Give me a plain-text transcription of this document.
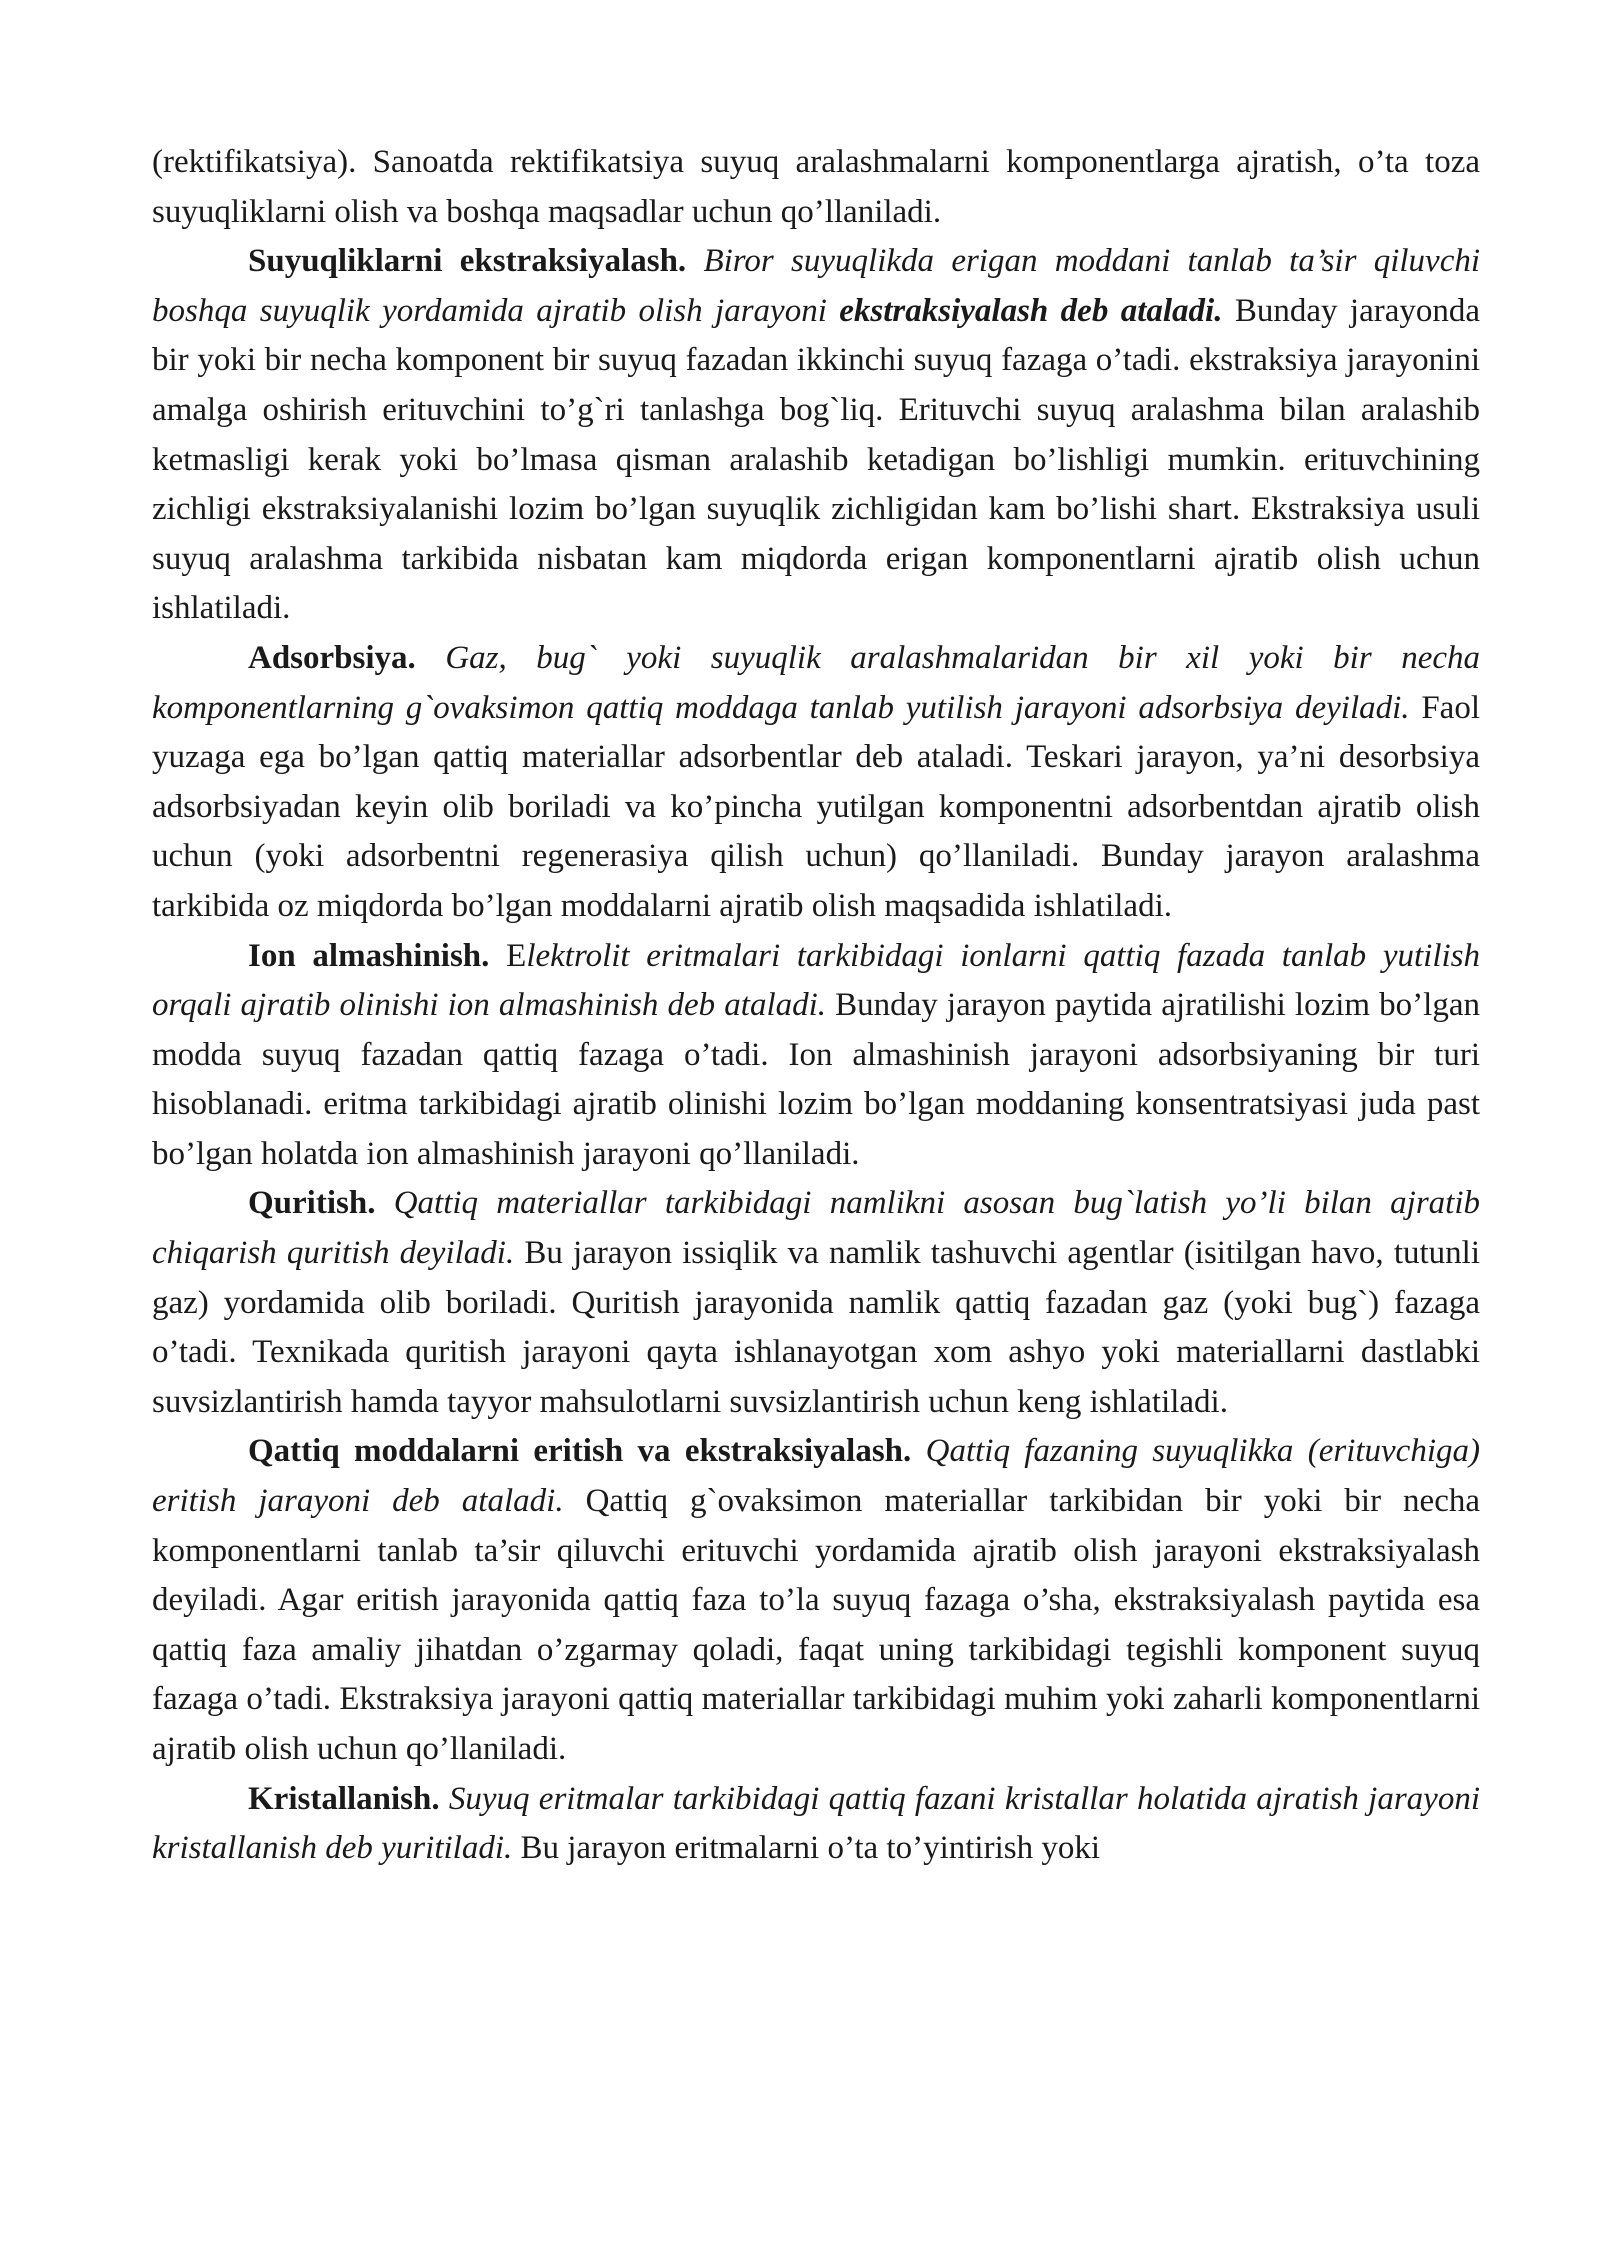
(rektifikatsiya). Sanoatda rektifikatsiya suyuq aralashmalarni komponentlarga ajratish, o’ta toza suyuqliklarni olish va boshqa maqsadlar uchun qo’llaniladi.

Suyuqliklarni ekstraksiyalash. Biror suyuqlikda erigan moddani tanlab ta’sir qiluvchi boshqa suyuqlik yordamida ajratib olish jarayoni ekstraksiyalash deb ataladi. Bunday jarayonda bir yoki bir necha komponent bir suyuq fazadan ikkinchi suyuq fazaga o’tadi. ekstraksiya jarayonini amalga oshirish erituvchini to’g`ri tanlashga bog`liq. Erituvchi suyuq aralashma bilan aralashib ketmasligi kerak yoki bo’lmasa qisman aralashib ketadigan bo’lishligi mumkin. erituvchining zichligi ekstraksiyalanishi lozim bo’lgan suyuqlik zichligidan kam bo’lishi shart. Ekstraksiya usuli suyuq aralashma tarkibida nisbatan kam miqdorda erigan komponentlarni ajratib olish uchun ishlatiladi.

Adsorbsiya. Gaz, bug` yoki suyuqlik aralashmalaridan bir xil yoki bir necha komponentlarning g`ovaksimon qattiq moddaga tanlab yutilish jarayoni adsorbsiya deyiladi. Faol yuzaga ega bo’lgan qattiq materiallar adsorbentlar deb ataladi. Teskari jarayon, ya’ni desorbsiya adsorbsiyadan keyin olib boriladi va ko’pincha yutilgan komponentni adsorbentdan ajratib olish uchun (yoki adsorbentni regenerasiya qilish uchun) qo’llaniladi. Bunday jarayon aralashma tarkibida oz miqdorda bo’lgan moddalarni ajratib olish maqsadida ishlatiladi.

Ion almashinish. Elektrolit eritmalari tarkibidagi ionlarni qattiq fazada tanlab yutilish orqali ajratib olinishi ion almashinish deb ataladi. Bunday jarayon paytida ajratilishi lozim bo’lgan modda suyuq fazadan qattiq fazaga o’tadi. Ion almashinish jarayoni adsorbsiyaning bir turi hisoblanadi. eritma tarkibidagi ajratib olinishi lozim bo’lgan moddaning konsentratsiyasi juda past bo’lgan holatda ion almashinish jarayoni qo’llaniladi.

Quritish. Qattiq materiallar tarkibidagi namlikni asosan bug`latish yo’li bilan ajratib chiqarish quritish deyiladi. Bu jarayon issiqlik va namlik tashuvchi agentlar (isitilgan havo, tutunli gaz) yordamida olib boriladi. Quritish jarayonida namlik qattiq fazadan gaz (yoki bug`) fazaga o’tadi. Texnikada quritish jarayoni qayta ishlanayotgan xom ashyo yoki materiallarni dastlabki suvsizlantirish hamda tayyor mahsulotlarni suvsizlantirish uchun keng ishlatiladi.

Qattiq moddalarni eritish va ekstraksiyalash. Qattiq fazaning suyuqlikka (erituvchiga) eritish jarayoni deb ataladi. Qattiq g`ovaksimon materiallar tarkibidan bir yoki bir necha komponentlarni tanlab ta’sir qiluvchi erituvchi yordamida ajratib olish jarayoni ekstraksiyalash deyiladi. Agar eritish jarayonida qattiq faza to’la suyuq fazaga o’sha, ekstraksiyalash paytida esa qattiq faza amaliy jihatdan o’zgarmay qoladi, faqat uning tarkibidagi tegishli komponent suyuq fazaga o’tadi. Ekstraksiya jarayoni qattiq materiallar tarkibidagi muhim yoki zaharli komponentlarni ajratib olish uchun qo’llaniladi.

Kristallanish. Suyuq eritmalar tarkibidagi qattiq fazani kristallar holatida ajratish jarayoni kristallanish deb yuritiladi. Bu jarayon eritmalarni o’ta to’yintirish yoki
